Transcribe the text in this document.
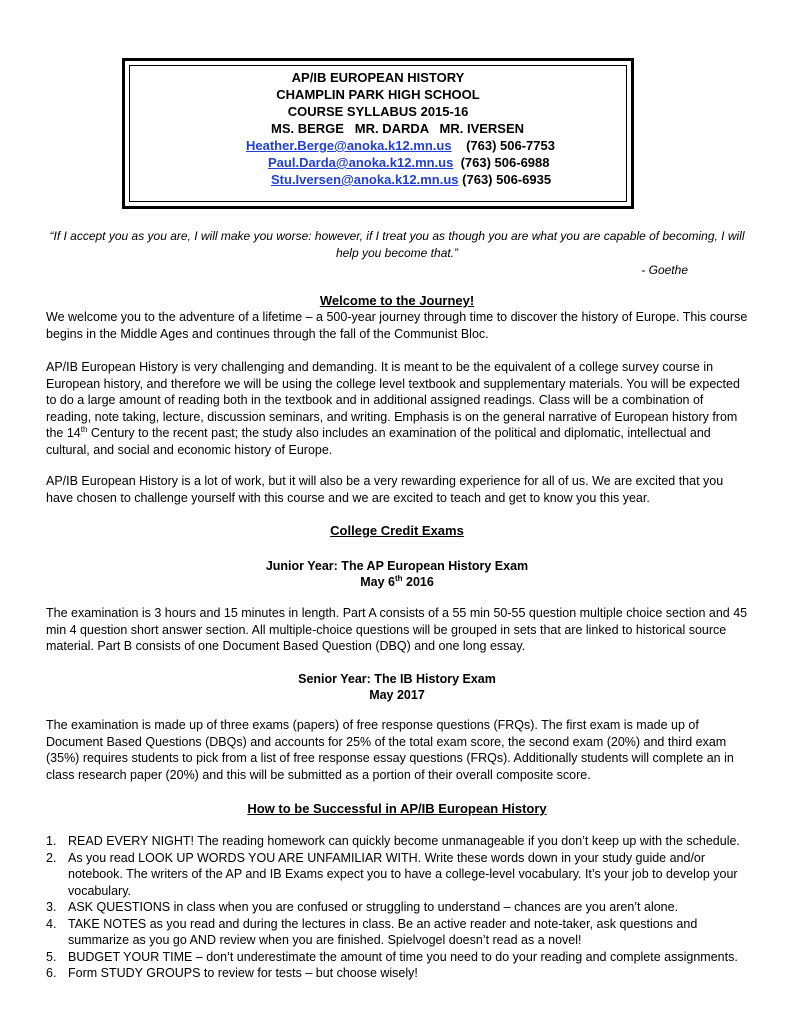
AP/IB EUROPEAN HISTORY
CHAMPLIN PARK HIGH SCHOOL
COURSE SYLLABUS 2015-16
MS. BERGE   MR. DARDA   MR. IVERSEN
Heather.Berge@anoka.k12.mn.us (763) 506-7753
Paul.Darda@anoka.k12.mn.us (763) 506-6988
Stu.Iversen@anoka.k12.mn.us (763) 506-6935
“If I accept you as you are, I will make you worse: however, if I treat you as though you are what you are capable of becoming, I will
help you become that.”
- Goethe
Welcome to the Journey!

We welcome you to the adventure of a lifetime – a 500-year journey through time to discover the history of Europe. This course begins in the Middle Ages and continues through the fall of the Communist Bloc.

AP/IB European History is very challenging and demanding. It is meant to be the equivalent of a college survey course in European history, and therefore we will be using the college level textbook and supplementary materials. You will be expected to do a large amount of reading both in the textbook and in additional assigned readings. Class will be a combination of reading, note taking, lecture, discussion seminars, and writing. Emphasis is on the general narrative of European history from the 14th Century to the recent past; the study also includes an examination of the political and diplomatic, intellectual and cultural, and social and economic history of Europe.

AP/IB European History is a lot of work, but it will also be a very rewarding experience for all of us. We are excited that you have chosen to challenge yourself with this course and we are excited to teach and get to know you this year.

College Credit Exams
Junior Year: The AP European History Exam
May 6th 2016

The examination is 3 hours and 15 minutes in length. Part A consists of a 55 min 50-55 question multiple choice section and 45 min 4 question short answer section. All multiple-choice questions will be grouped in sets that are linked to historical source material. Part B consists of one Document Based Question (DBQ) and one long essay.

Senior Year: The IB History Exam
May 2017

The examination is made up of three exams (papers) of free response questions (FRQs). The first exam is made up of Document Based Questions (DBQs) and accounts for 25% of the total exam score, the second exam (20%) and third exam (35%) requires students to pick from a list of free response essay questions (FRQs). Additionally students will complete an in class research paper (20%) and this will be submitted as a portion of their overall composite score.

How to be Successful in AP/IB European History
1. READ EVERY NIGHT! The reading homework can quickly become unmanageable if you don’t keep up with the schedule.
2. As you read LOOK UP WORDS YOU ARE UNFAMILIAR WITH. Write these words down in your study guide and/or notebook. The writers of the AP and IB Exams expect you to have a college-level vocabulary. It’s your job to develop your vocabulary.
3. ASK QUESTIONS in class when you are confused or struggling to understand – chances are you aren’t alone.
4. TAKE NOTES as you read and during the lectures in class. Be an active reader and note-taker, ask questions and summarize as you go AND review when you are finished. Spielvogel doesn’t read as a novel!
5. BUDGET YOUR TIME – don’t underestimate the amount of time you need to do your reading and complete assignments.
6. Form STUDY GROUPS to review for tests – but choose wisely!
